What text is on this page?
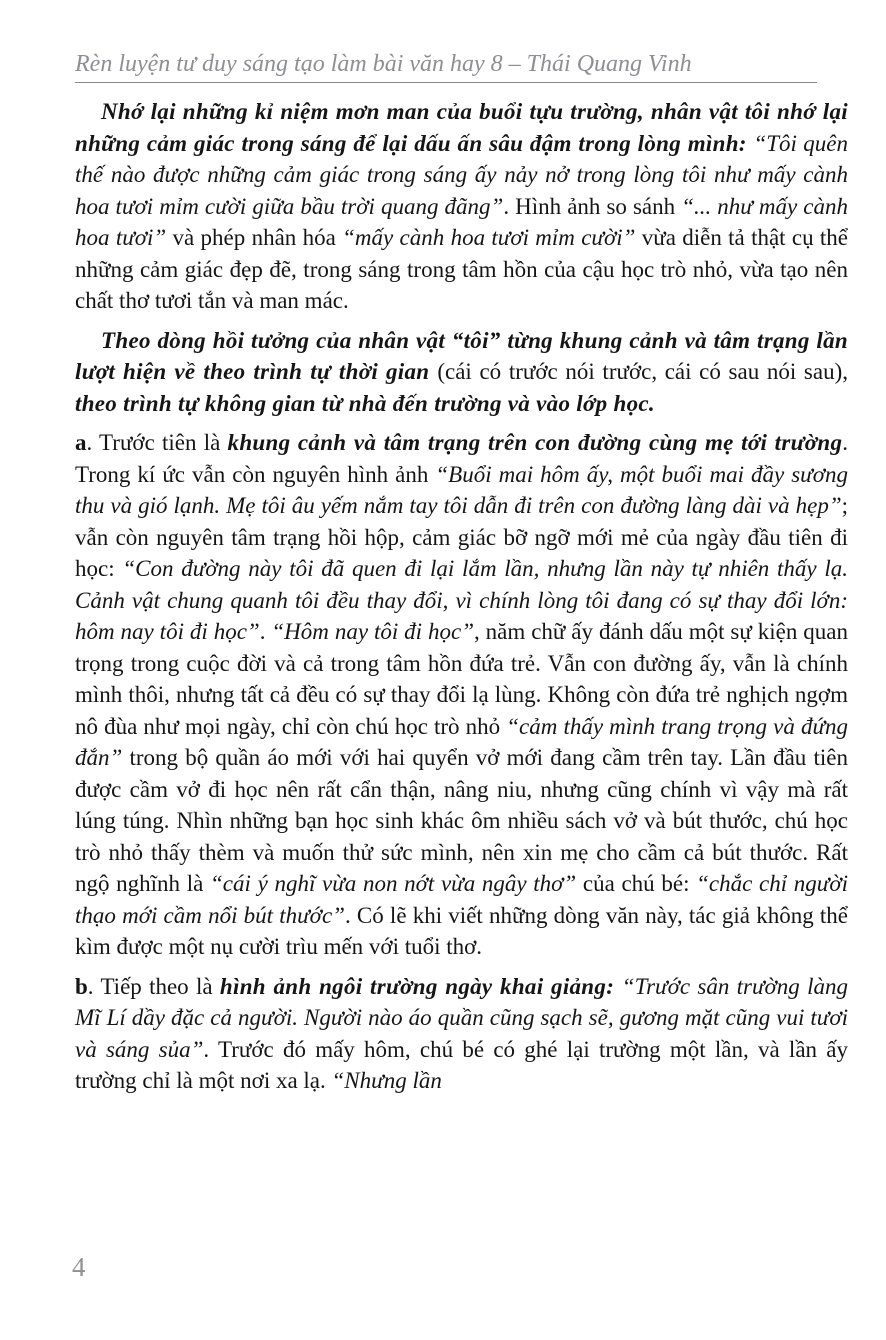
Rèn luyện tư duy sáng tạo làm bài văn hay 8 – Thái Quang Vinh

Nhớ lại những kỉ niệm mơn man của buổi tựu trường, nhân vật tôi nhớ lại những cảm giác trong sáng để lại dấu ấn sâu đậm trong lòng mình: “Tôi quên thế nào được những cảm giác trong sáng ấy nảy nở trong lòng tôi như mấy cành hoa tươi mỉm cười giữa bầu trời quang đãng”. Hình ảnh so sánh “... như mấy cành hoa tươi” và phép nhân hóa “mấy cành hoa tươi mỉm cười” vừa diễn tả thật cụ thể những cảm giác đẹp đẽ, trong sáng trong tâm hồn của cậu học trò nhỏ, vừa tạo nên chất thơ tươi tắn và man mác.

Theo dòng hồi tưởng của nhân vật “tôi” từng khung cảnh và tâm trạng lần lượt hiện về theo trình tự thời gian (cái có trước nói trước, cái có sau nói sau), theo trình tự không gian từ nhà đến trường và vào lớp học.

a. Trước tiên là khung cảnh và tâm trạng trên con đường cùng mẹ tới trường. Trong kí ức vẫn còn nguyên hình ảnh “Buổi mai hôm ấy, một buổi mai đầy sương thu và gió lạnh. Mẹ tôi âu yếm nắm tay tôi dẫn đi trên con đường làng dài và hẹp”; vẫn còn nguyên tâm trạng hồi hộp, cảm giác bỡ ngỡ mới mẻ của ngày đầu tiên đi học: “Con đường này tôi đã quen đi lại lắm lần, nhưng lần này tự nhiên thấy lạ. Cảnh vật chung quanh tôi đều thay đổi, vì chính lòng tôi đang có sự thay đổi lớn: hôm nay tôi đi học”. “Hôm nay tôi đi học”, năm chữ ấy đánh dấu một sự kiện quan trọng trong cuộc đời và cả trong tâm hồn đứa trẻ. Vẫn con đường ấy, vẫn là chính mình thôi, nhưng tất cả đều có sự thay đổi lạ lùng. Không còn đứa trẻ nghịch ngợm nô đùa như mọi ngày, chỉ còn chú học trò nhỏ “cảm thấy mình trang trọng và đứng đắn” trong bộ quần áo mới với hai quyển vở mới đang cầm trên tay. Lần đầu tiên được cầm vở đi học nên rất cẩn thận, nâng niu, nhưng cũng chính vì vậy mà rất lúng túng. Nhìn những bạn học sinh khác ôm nhiều sách vở và bút thước, chú học trò nhỏ thấy thèm và muốn thử sức mình, nên xin mẹ cho cầm cả bút thước. Rất ngộ nghĩnh là “cái ý nghĩ vừa non nớt vừa ngây thơ” của chú bé: “chắc chỉ người thạo mới cầm nổi bút thước”. Có lẽ khi viết những dòng văn này, tác giả không thể kìm được một nụ cười trìu mến với tuổi thơ.

b. Tiếp theo là hình ảnh ngôi trường ngày khai giảng: “Trước sân trường làng Mĩ Lí dầy đặc cả người. Người nào áo quần cũng sạch sẽ, gương mặt cũng vui tươi và sáng sủa”. Trước đó mấy hôm, chú bé có ghé lại trường một lần, và lần ấy trường chỉ là một nơi xa lạ. “Nhưng lần

4
